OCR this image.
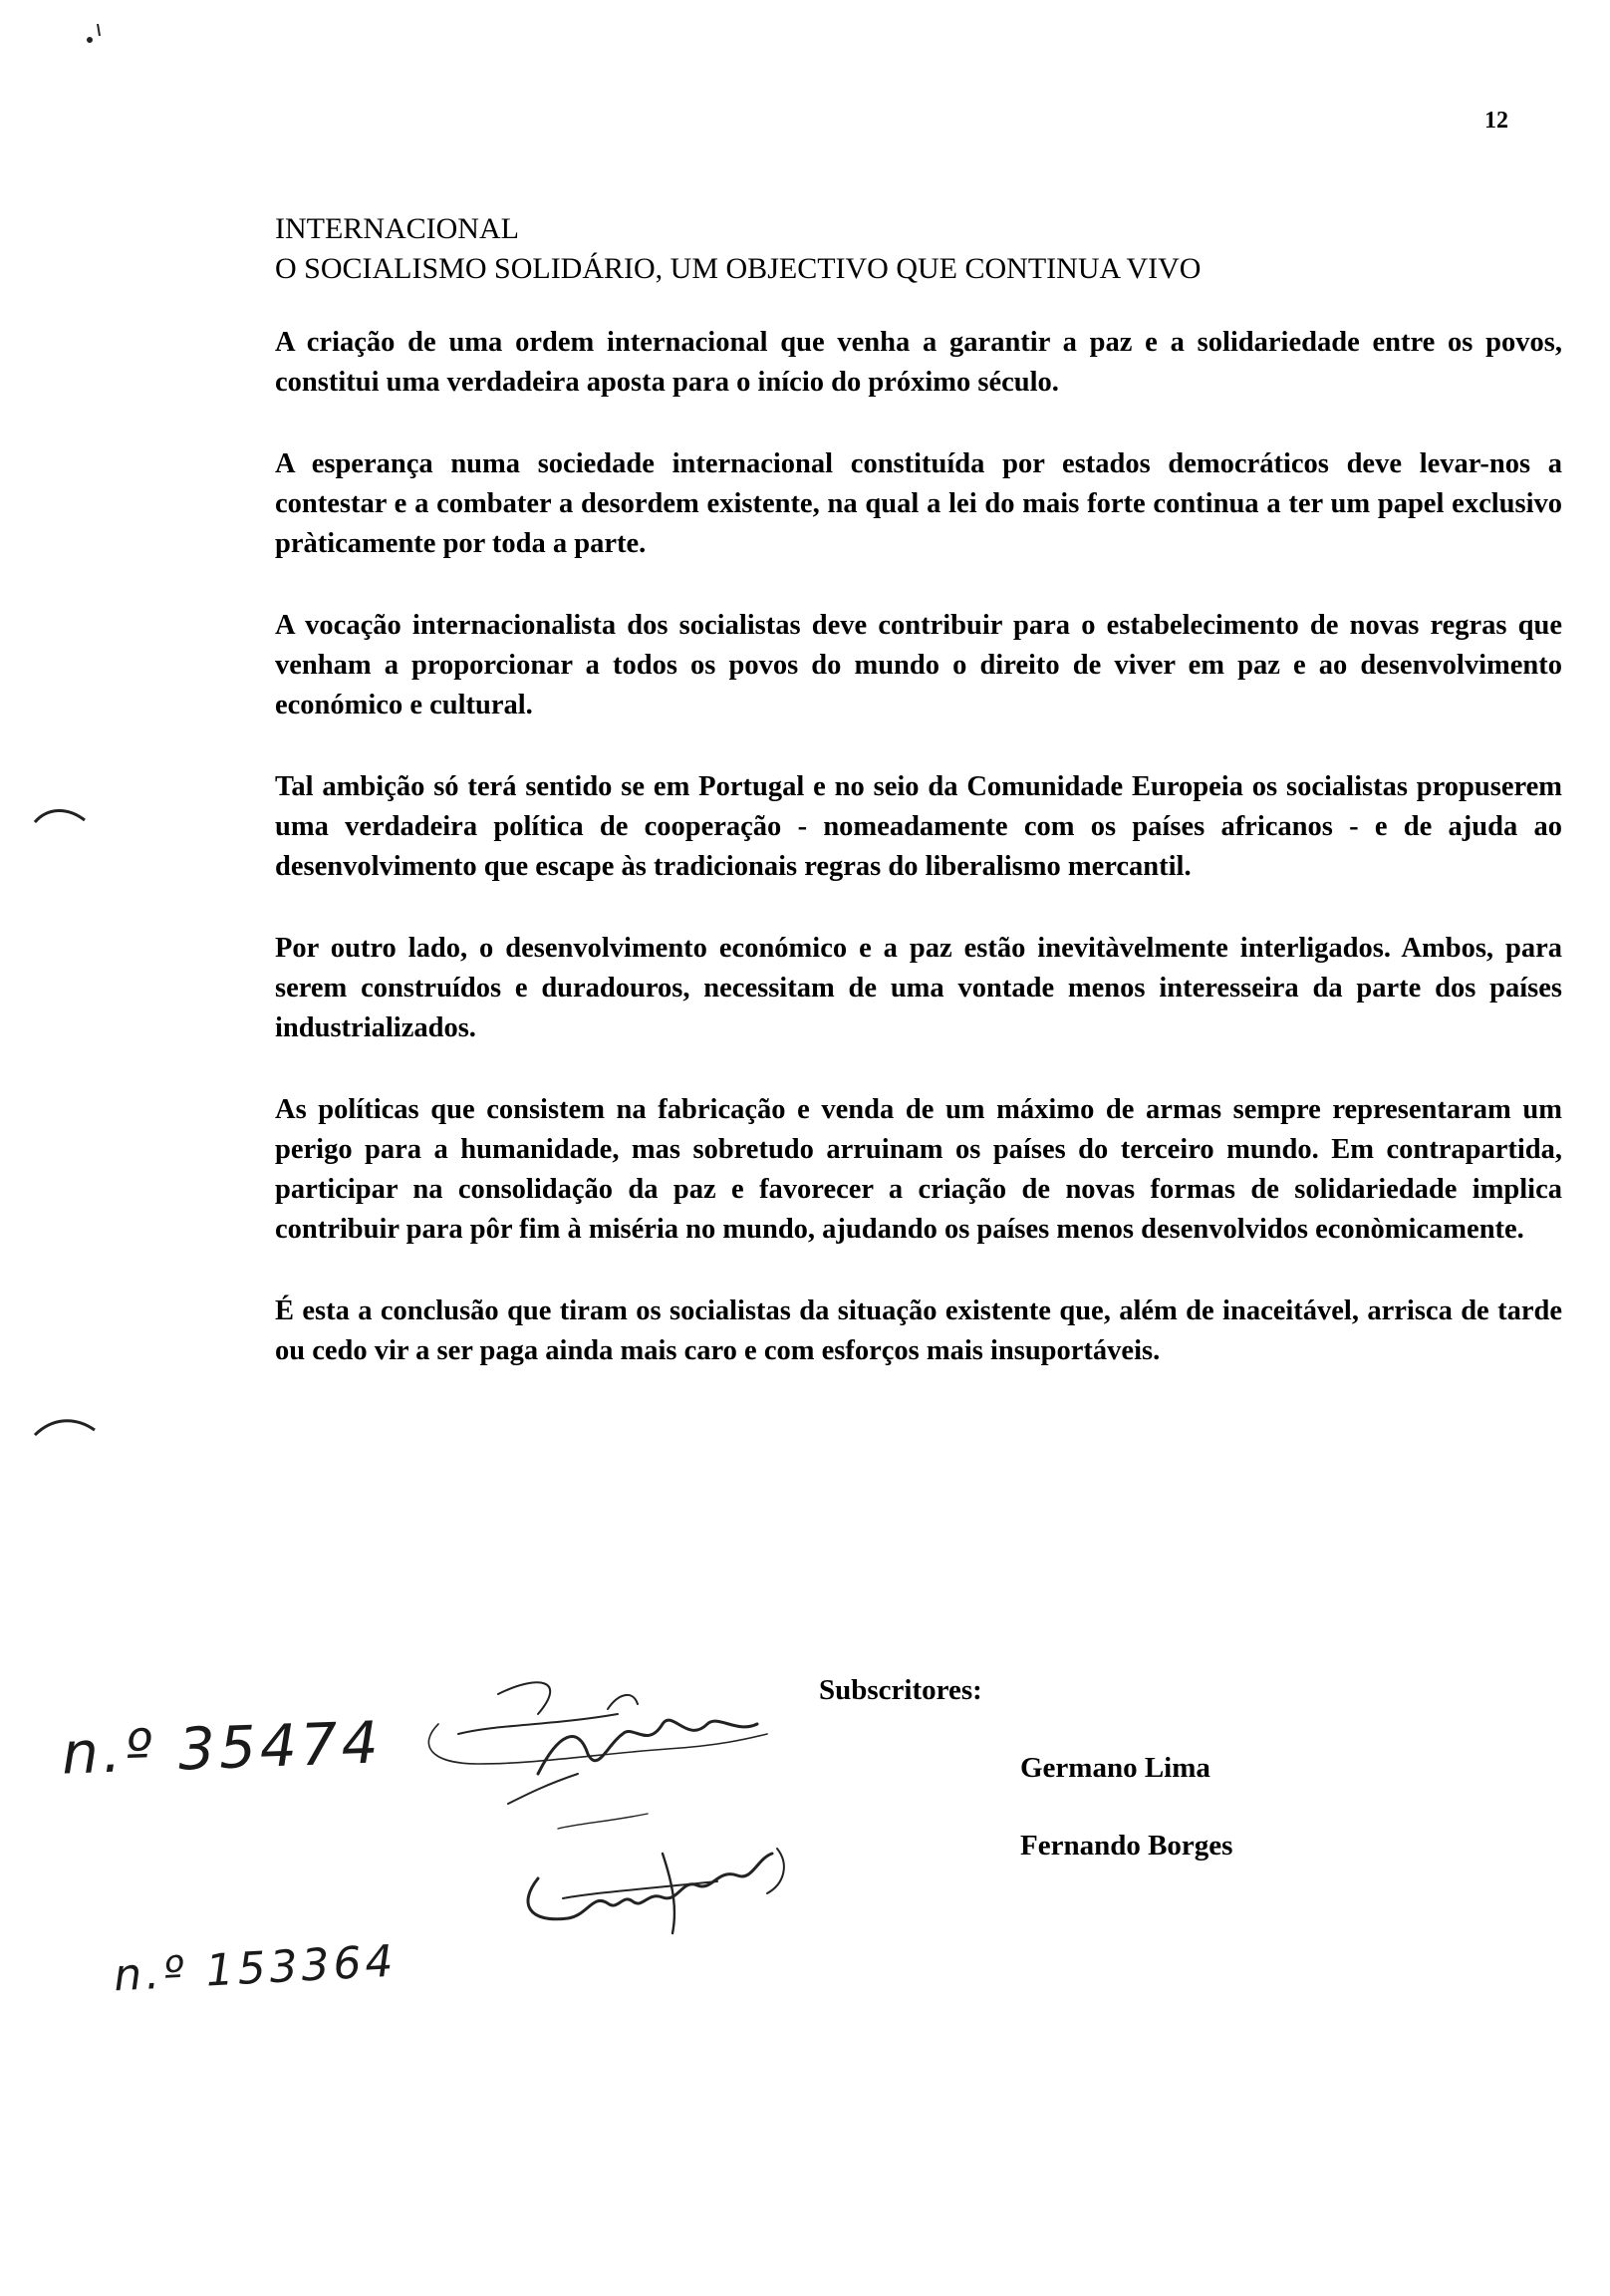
12
INTERNACIONAL
O SOCIALISMO SOLIDÁRIO, UM OBJECTIVO QUE CONTINUA VIVO

A criação de uma ordem internacional que venha a garantir a paz e a solidariedade entre os povos, constitui uma verdadeira aposta para o início do próximo século.

A esperança numa sociedade internacional constituída por estados democráticos deve levar-nos a contestar e a combater a desordem existente, na qual a lei do mais forte continua a ter um papel exclusivo pràticamente por toda a parte.

A vocação internacionalista dos socialistas deve contribuir para o estabelecimento de novas regras que venham a proporcionar a todos os povos do mundo o direito de viver em paz e ao desenvolvimento económico e cultural.

Tal ambição só terá sentido se em Portugal e no seio da Comunidade Europeia os socialistas propuserem uma verdadeira política de cooperação - nomeadamente com os países africanos - e de ajuda ao desenvolvimento que escape às tradicionais regras do liberalismo mercantil.

Por outro lado, o desenvolvimento económico e a paz estão inevitàvelmente interligados. Ambos, para serem construídos e duradouros, necessitam de uma vontade menos interesseira da parte dos países industrializados.

As políticas que consistem na fabricação e venda de um máximo de armas sempre representaram um perigo para a humanidade, mas sobretudo arruinam os países do terceiro mundo. Em contrapartida, participar na consolidação da paz e favorecer a criação de novas formas de solidariedade implica contribuir para pôr fim à miséria no mundo, ajudando os países menos desenvolvidos econòmicamente.

É esta a conclusão que tiram os socialistas da situação existente que, além de inaceitável, arrisca de tarde ou cedo vir a ser paga ainda mais caro e com esforços mais insuportáveis.

Subscritores:
Germano Lima
Fernando Borges
n.º 35474
n.º 153364
